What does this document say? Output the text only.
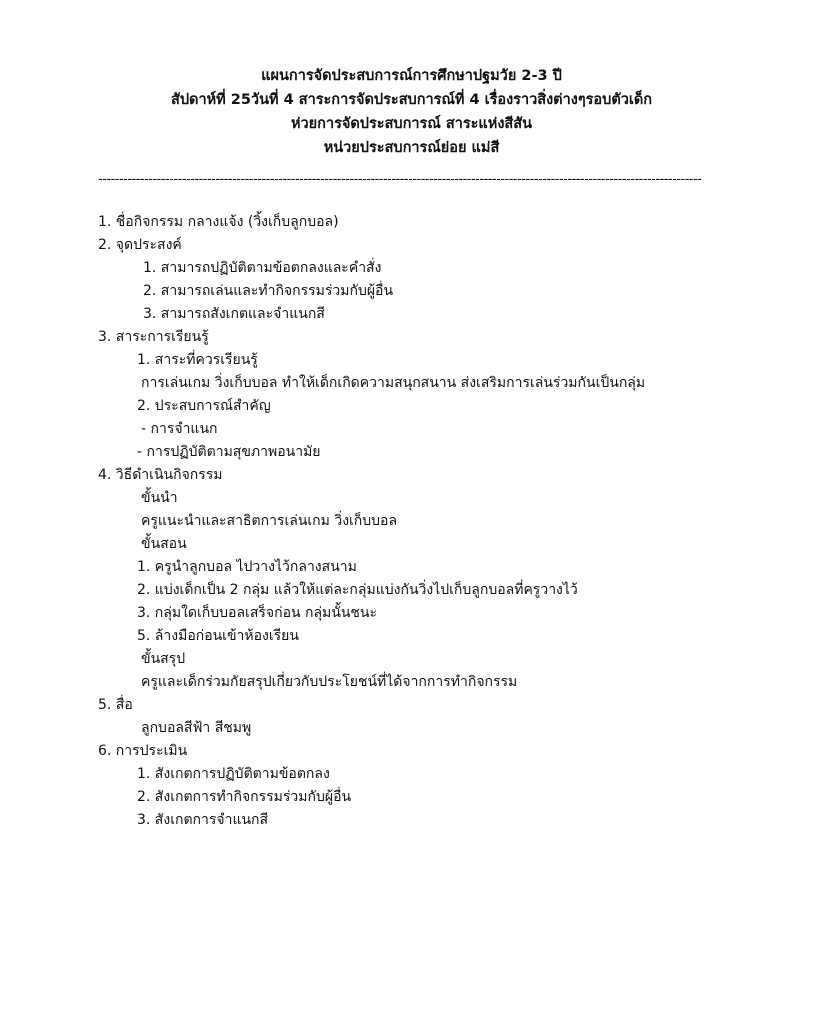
แผนการจัดประสบการณ์การศึกษาปฐมวัย 2-3 ปี
สัปดาห์ที่ 25วันที่ 4 สาระการจัดประสบการณ์ที่ 4 เรื่องราวสิ่งต่างๆรอบตัวเด็ก
ห่วยการจัดประสบการณ์ สาระแห่งสีสัน
หน่วยประสบการณ์ย่อย แม่สี
------------------------------------------------------------------------------------------------------------------------------------------------
1. ชื่อกิจกรรม กลางแจ้ง (วิ้งเก็บลูกบอล)
2. จุดประสงค์
1. สามารถปฏิบัติตามข้อตกลงและคำสั่ง
2. สามารถเล่นและทำกิจกรรมร่วมกับผู้อื่น
3. สามารถสังเกตและจำแนกสี
3. สาระการเรียนรู้
1. สาระที่ควรเรียนรู้
การเล่นเกม วิ่งเก็บบอล ทำให้เด็กเกิดความสนุกสนาน ส่งเสริมการเล่นร่วมกันเป็นกลุ่ม
2. ประสบการณ์สำคัญ
- การจำแนก
- การปฏิบัติตามสุขภาพอนามัย
4. วิธีดำเนินกิจกรรม
ขั้นนำ
ครูแนะนำและสาธิตการเล่นเกม วิ่งเก็บบอล
ขั้นสอน
1. ครูนำลูกบอล ไปวางไว้กลางสนาม
2. แบ่งเด็กเป็น 2 กลุ่ม แล้วให้แต่ละกลุ่มแบ่งกันวิ่งไปเก็บลูกบอลที่ครูวางไว้
3. กลุ่มใดเก็บบอลเสร็จก่อน กลุ่มนั้นชนะ
5. ล้างมือก่อนเข้าห้องเรียน
ขั้นสรุป
ครูและเด็กร่วมกัยสรุปเกี่ยวกับประโยชน์ที่ได้จากการทำกิจกรรม
5. สื่อ
ลูกบอลสีฟ้า สีชมพู
6. การประเมิน
1. สังเกตการปฏิบัติตามข้อตกลง
2. สังเกตการทำกิจกรรมร่วมกับผู้อื่น
3. สังเกตการจำแนกสี
